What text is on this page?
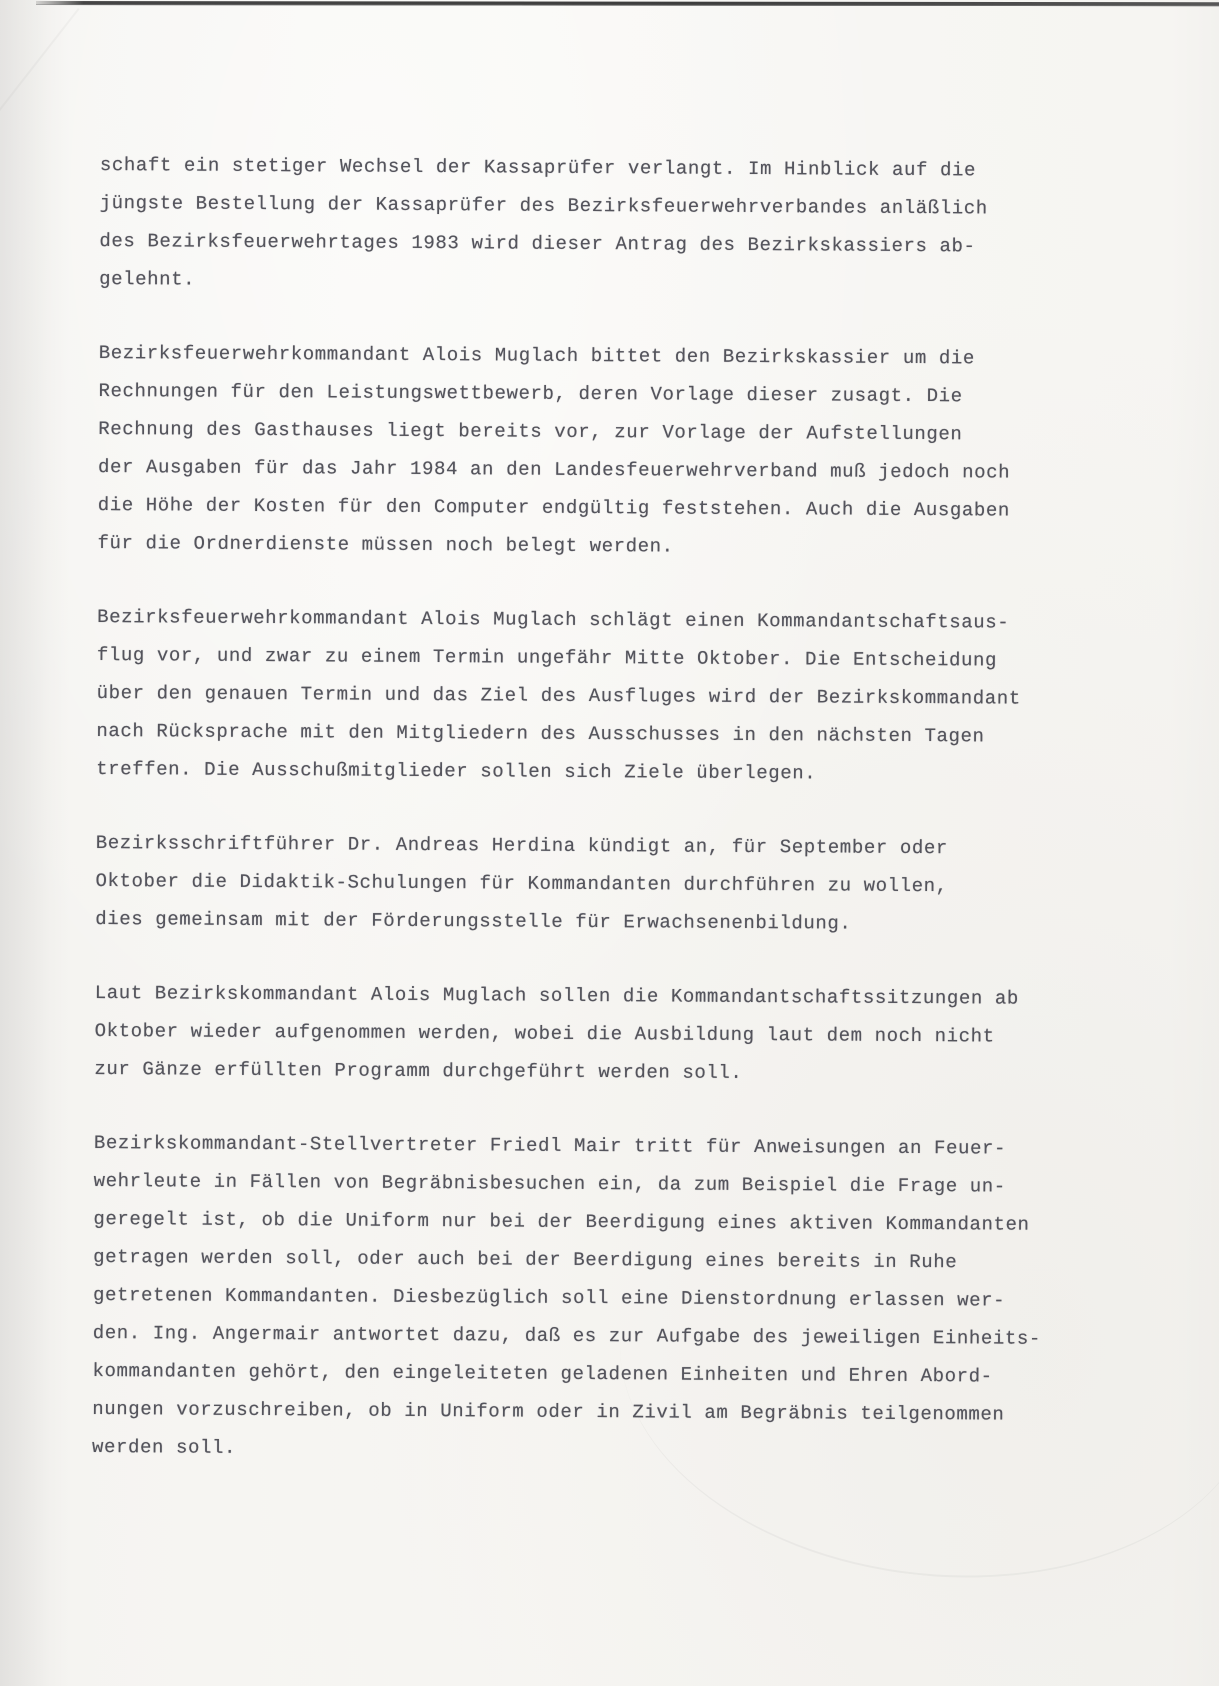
schaft ein stetiger Wechsel der Kassaprüfer verlangt. Im Hinblick auf die
jüngste Bestellung der Kassaprüfer des Bezirksfeuerwehrverbandes anläßlich
des Bezirksfeuerwehrtages 1983 wird dieser Antrag des Bezirkskassiers ab-
gelehnt.

Bezirksfeuerwehrkommandant Alois Muglach bittet den Bezirkskassier um die
Rechnungen für den Leistungswettbewerb, deren Vorlage dieser zusagt. Die
Rechnung des Gasthauses liegt bereits vor, zur Vorlage der Aufstellungen
der Ausgaben für das Jahr 1984 an den Landesfeuerwehrverband muß jedoch noch
die Höhe der Kosten für den Computer endgültig feststehen. Auch die Ausgaben
für die Ordnerdienste müssen noch belegt werden.

Bezirksfeuerwehrkommandant Alois Muglach schlägt einen Kommandantschaftsaus-
flug vor, und zwar zu einem Termin ungefähr Mitte Oktober. Die Entscheidung
über den genauen Termin und das Ziel des Ausfluges wird der Bezirkskommandant
nach Rücksprache mit den Mitgliedern des Ausschusses in den nächsten Tagen
treffen. Die Ausschußmitglieder sollen sich Ziele überlegen.

Bezirksschriftführer Dr. Andreas Herdina kündigt an, für September oder
Oktober die Didaktik-Schulungen für Kommandanten durchführen zu wollen,
dies gemeinsam mit der Förderungsstelle für Erwachsenenbildung.

Laut Bezirkskommandant Alois Muglach sollen die Kommandantschaftssitzungen ab
Oktober wieder aufgenommen werden, wobei die Ausbildung laut dem noch nicht
zur Gänze erfüllten Programm durchgeführt werden soll.

Bezirkskommandant-Stellvertreter Friedl Mair tritt für Anweisungen an Feuer-
wehrleute in Fällen von Begräbnisbesuchen ein, da zum Beispiel die Frage un-
geregelt ist, ob die Uniform nur bei der Beerdigung eines aktiven Kommandanten
getragen werden soll, oder auch bei der Beerdigung eines bereits in Ruhe
getretenen Kommandanten. Diesbezüglich soll eine Dienstordnung erlassen wer-
den. Ing. Angermair antwortet dazu, daß es zur Aufgabe des jeweiligen Einheits-
kommandanten gehört, den eingeleiteten geladenen Einheiten und Ehren Abord-
nungen vorzuschreiben, ob in Uniform oder in Zivil am Begräbnis teilgenommen
werden soll.
